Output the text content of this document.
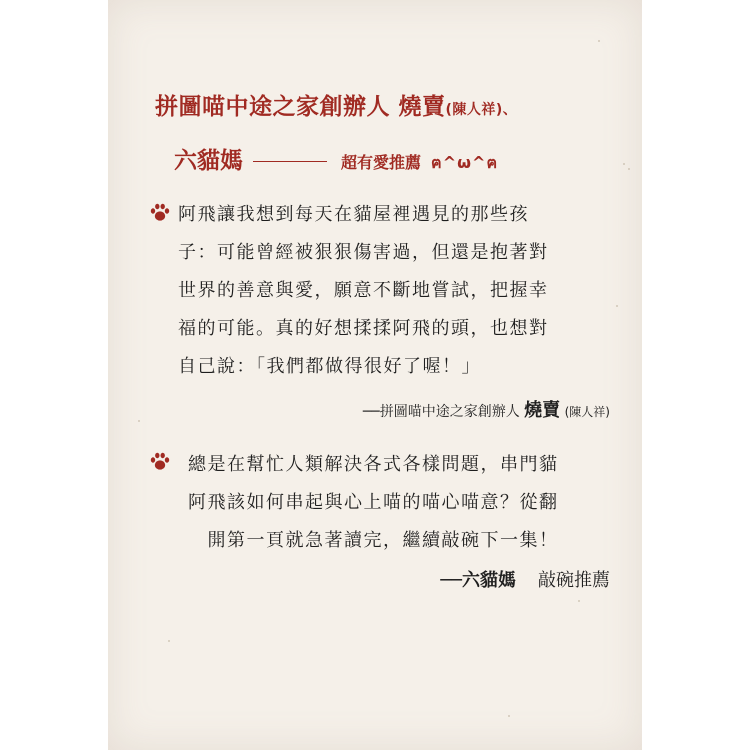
拼圖喵中途之家創辦人 燒賣(陳人祥)、
六貓媽	超有愛推薦 ฅ^ω^ฅ
阿飛讓我想到每天在貓屋裡遇見的那些孩
子：可能曾經被狠狠傷害過，但還是抱著對
世界的善意與愛，願意不斷地嘗試，把握幸
福的可能。真的好想揉揉阿飛的頭，也想對
自己說：「我們都做得很好了喔！」
──拼圖喵中途之家創辦人 燒賣 (陳人祥)
總是在幫忙人類解決各式各樣問題，串門貓
阿飛該如何串起與心上喵的喵心喵意？從翻
開第一頁就急著讀完，繼續敲碗下一集！
──六貓媽 敲碗推薦
